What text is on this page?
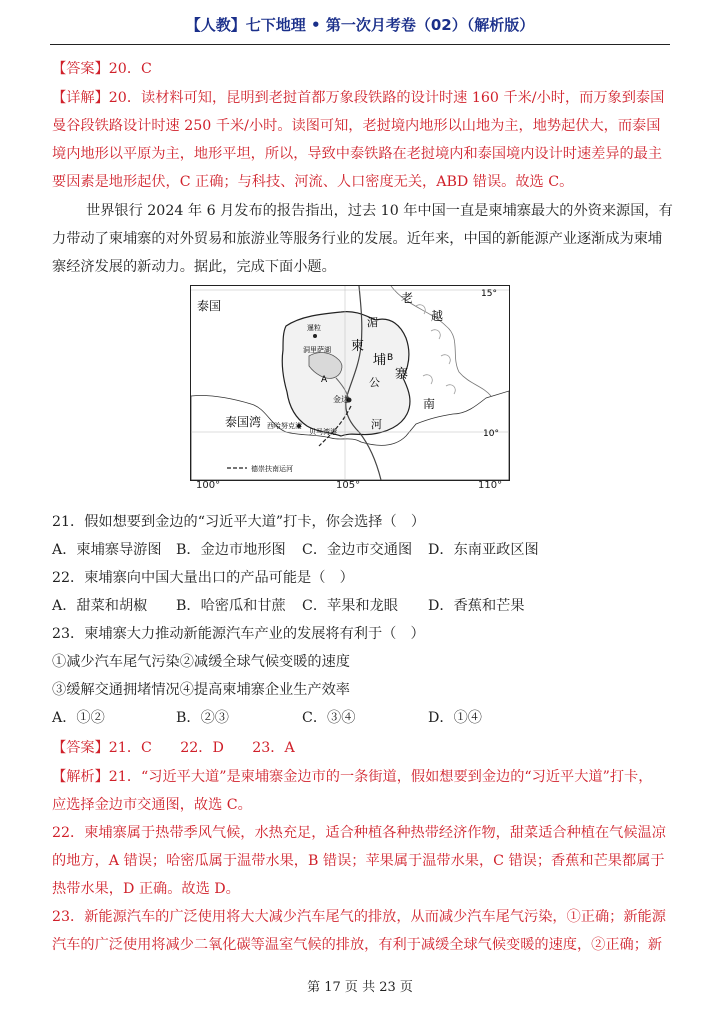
【人教】七下地理 • 第一次月考卷（02）（解析版）
【答案】20．C
【详解】20．读材料可知，昆明到老挝首都万象段铁路的设计时速 160 千米/小时，而万象到泰国
曼谷段铁路设计时速 250 千米/小时。读图可知，老挝境内地形以山地为主，地势起伏大，而泰国
境内地形以平原为主，地形平坦，所以，导致中泰铁路在老挝境内和泰国境内设计时速差异的最主
要因素是地形起伏，C 正确；与科技、河流、人口密度无关，ABD 错误。故选 C。
世界银行 2024 年 6 月发布的报告指出，过去 10 年中国一直是柬埔寨最大的外资来源国，有
力带动了柬埔寨的对外贸易和旅游业等服务行业的发展。近年来，中国的新能源产业逐渐成为柬埔
寨经济发展的新动力。据此，完成下面小题。
15°
10°
泰国
柬
埔
寨
老
越
南
泰国湾
洞里萨湖
金边
西哈努克港
暹粒	湄
公
河
A
B
贝马湾港
德崇扶南运河
100°	105°	110°
21．假如想要到金边的“习近平大道”打卡，你会选择（　）
A．柬埔寨导游图 B．金边市地形图 C．金边市交通图 D．东南亚政区图
22．柬埔寨向中国大量出口的产品可能是（　）
A．甜菜和胡椒 B．哈密瓜和甘蔗 C．苹果和龙眼 D．香蕉和芒果
23．柬埔寨大力推动新能源汽车产业的发展将有利于（　）
①减少汽车尾气污染②减缓全球气候变暖的速度
③缓解交通拥堵情况④提高柬埔寨企业生产效率
A．①②	B．②③	C．③④	D．①④
【答案】21．C　　22．D　　23．A
【解析】21．“习近平大道”是柬埔寨金边市的一条街道，假如想要到金边的“习近平大道”打卡，
应选择金边市交通图，故选 C。
22．柬埔寨属于热带季风气候，水热充足，适合种植各种热带经济作物，甜菜适合种植在气候温凉
的地方，A 错误；哈密瓜属于温带水果，B 错误；苹果属于温带水果，C 错误；香蕉和芒果都属于
热带水果，D 正确。故选 D。
23．新能源汽车的广泛使用将大大减少汽车尾气的排放，从而减少汽车尾气污染，①正确；新能源
汽车的广泛使用将减少二氧化碳等温室气候的排放，有利于减缓全球气候变暖的速度，②正确；新
第 17 页 共 23 页
